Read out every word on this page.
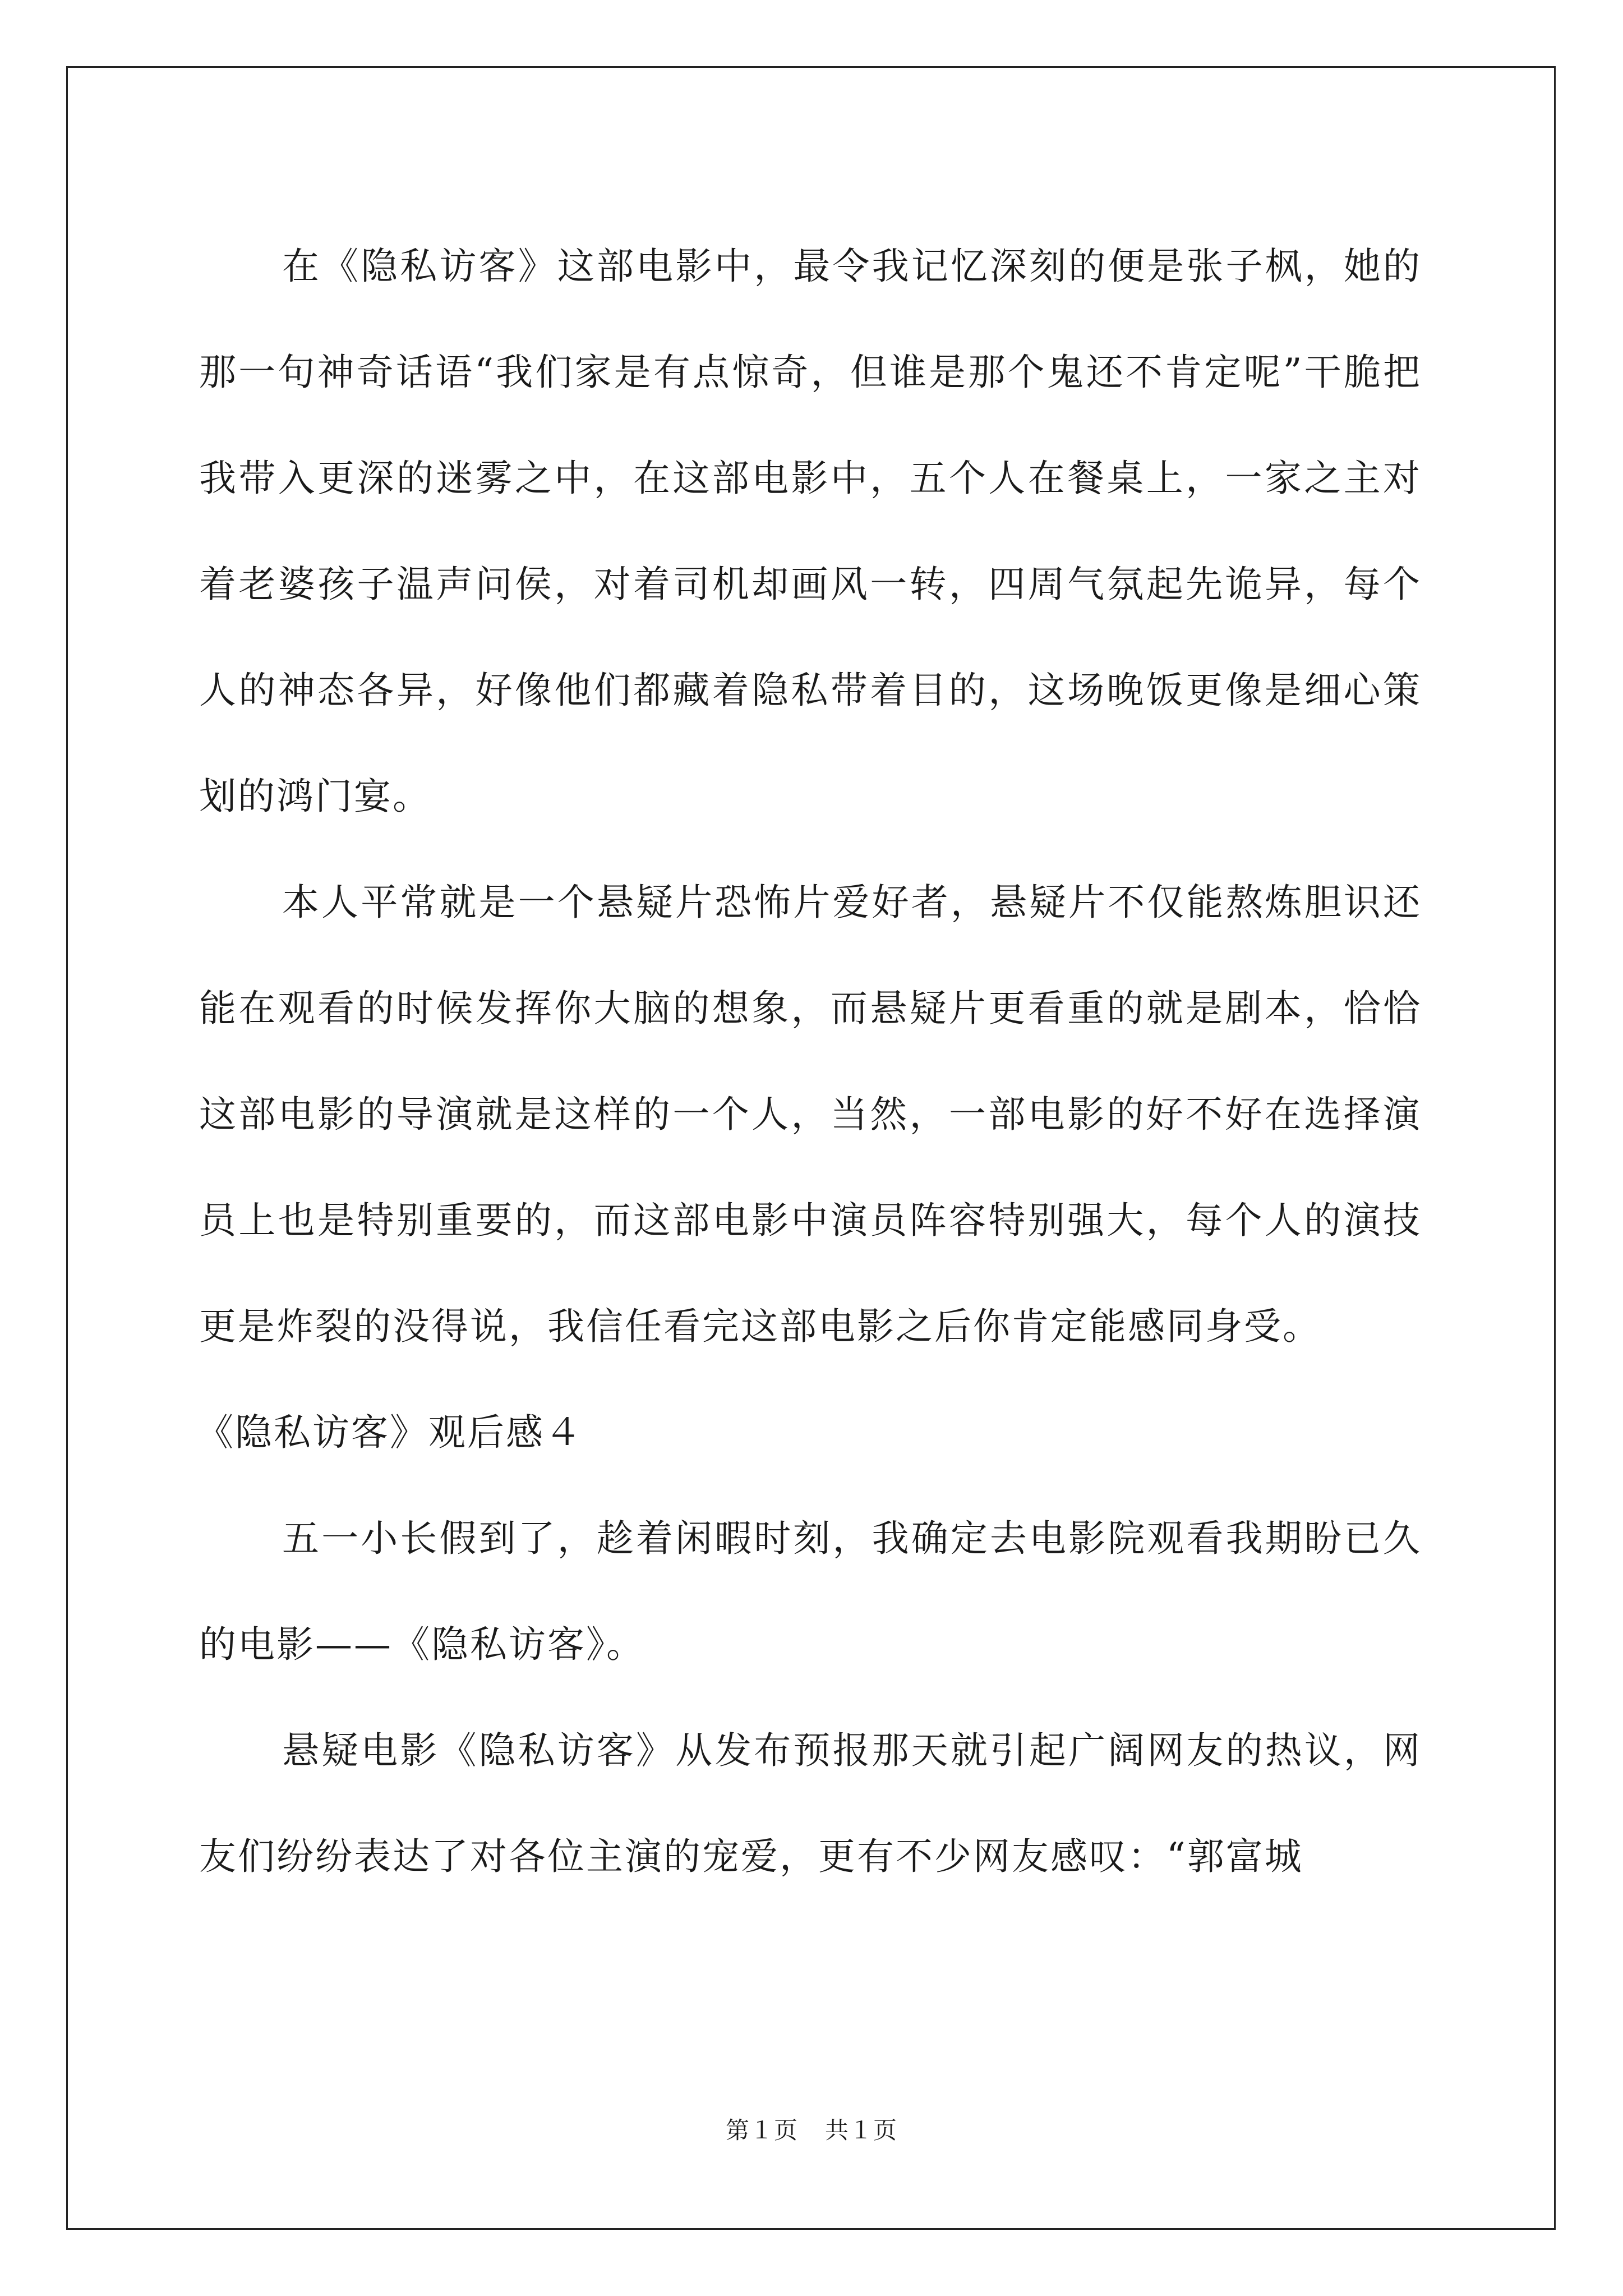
在《隐私访客》这部电影中，最令我记忆深刻的便是张子枫，她的那一句神奇话语“我们家是有点惊奇，但谁是那个鬼还不肯定呢”干脆把我带入更深的迷雾之中，在这部电影中，五个人在餐桌上，一家之主对着老婆孩子温声问侯，对着司机却画风一转，四周气氛起先诡异，每个人的神态各异，好像他们都藏着隐私带着目的，这场晚饭更像是细心策划的鸿门宴。

本人平常就是一个悬疑片恐怖片爱好者，悬疑片不仅能熬炼胆识还能在观看的时候发挥你大脑的想象，而悬疑片更看重的就是剧本，恰恰这部电影的导演就是这样的一个人，当然，一部电影的好不好在选择演员上也是特别重要的，而这部电影中演员阵容特别强大，每个人的演技更是炸裂的没得说，我信任看完这部电影之后你肯定能感同身受。

《隐私访客》观后感４

五一小长假到了，趁着闲暇时刻，我确定去电影院观看我期盼已久的电影——《隐私访客》。

悬疑电影《隐私访客》从发布预报那天就引起广阔网友的热议，网友们纷纷表达了对各位主演的宠爱，更有不少网友感叹：“郭富城

第１页 共１页
